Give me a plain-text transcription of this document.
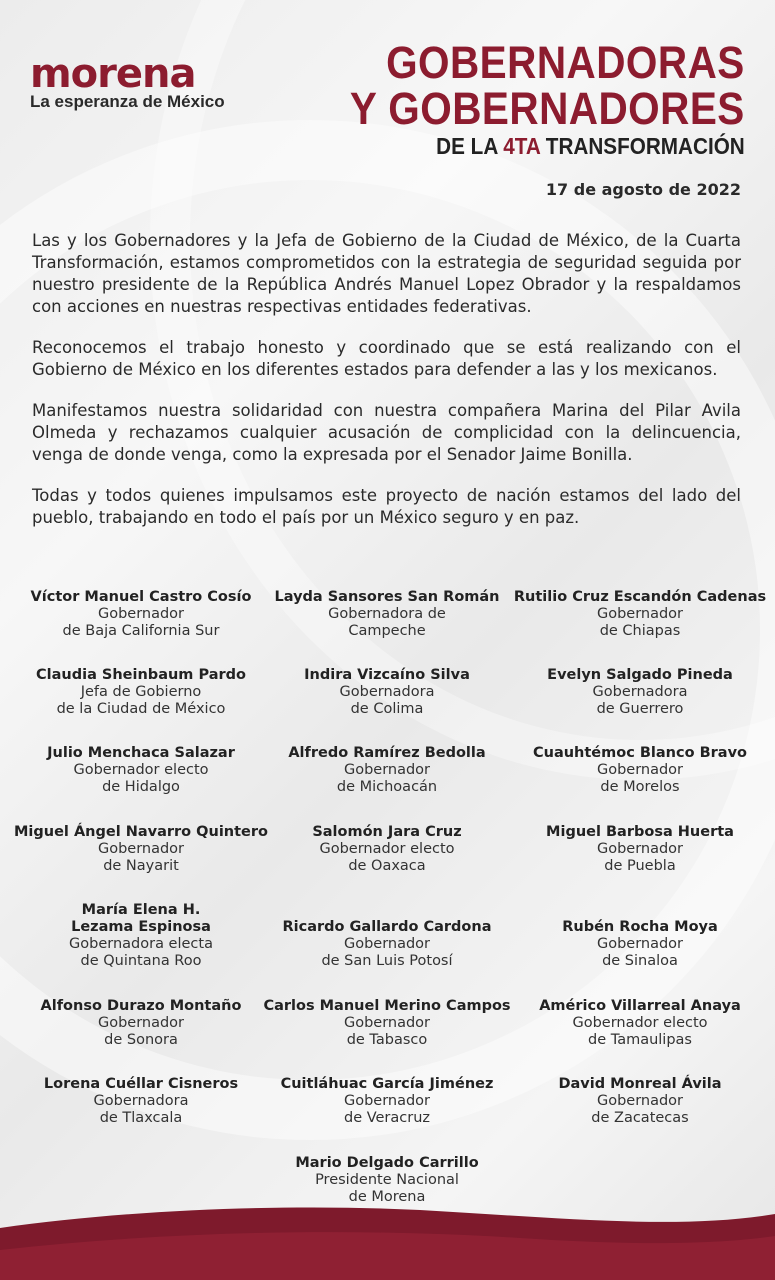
morena
La esperanza de México
GOBERNADORAS
Y GOBERNADORES
DE LA 4TA TRANSFORMACIÓN
17 de agosto de 2022

Las y los Gobernadores y la Jefa de Gobierno de la Ciudad de México, de la Cuarta Transformación, estamos comprometidos con la estrategia de seguridad seguida por nuestro presidente de la República Andrés Manuel Lopez Obrador y la respaldamos con acciones en nuestras respectivas entidades federativas.

Reconocemos el trabajo honesto y coordinado que se está realizando con el Gobierno de México en los diferentes estados para defender a las y los mexicanos.

Manifestamos nuestra solidaridad con nuestra compañera Marina del Pilar Avila Olmeda y rechazamos cualquier acusación de complicidad con la delincuencia, venga de donde venga, como la expresada por el Senador Jaime Bonilla.

Todas y todos quienes impulsamos este proyecto de nación estamos del lado del pueblo, trabajando en todo el país por un México seguro y en paz.

Víctor Manuel Castro Cosío
Gobernador
de Baja California Sur
Layda Sansores San Román
Gobernadora de
Campeche
Rutilio Cruz Escandón Cadenas
Gobernador
de Chiapas
Claudia Sheinbaum Pardo
Jefa de Gobierno
de la Ciudad de México
Indira Vizcaíno Silva
Gobernadora
de Colima
Evelyn Salgado Pineda
Gobernadora
de Guerrero
Julio Menchaca Salazar
Gobernador electo
de Hidalgo
Alfredo Ramírez Bedolla
Gobernador
de Michoacán
Cuauhtémoc Blanco Bravo
Gobernador
de Morelos
Miguel Ángel Navarro Quintero
Gobernador
de Nayarit
Salomón Jara Cruz
Gobernador electo
de Oaxaca
Miguel Barbosa Huerta
Gobernador
de Puebla
María Elena H.
Lezama Espinosa
Gobernadora electa
de Quintana Roo
Ricardo Gallardo Cardona
Gobernador
de San Luis Potosí
Rubén Rocha Moya
Gobernador
de Sinaloa
Alfonso Durazo Montaño
Gobernador
de Sonora
Carlos Manuel Merino Campos
Gobernador
de Tabasco
Américo Villarreal Anaya
Gobernador electo
de Tamaulipas
Lorena Cuéllar Cisneros
Gobernadora
de Tlaxcala
Cuitláhuac García Jiménez
Gobernador
de Veracruz
David Monreal Ávila
Gobernador
de Zacatecas
Mario Delgado Carrillo
Presidente Nacional
de Morena
